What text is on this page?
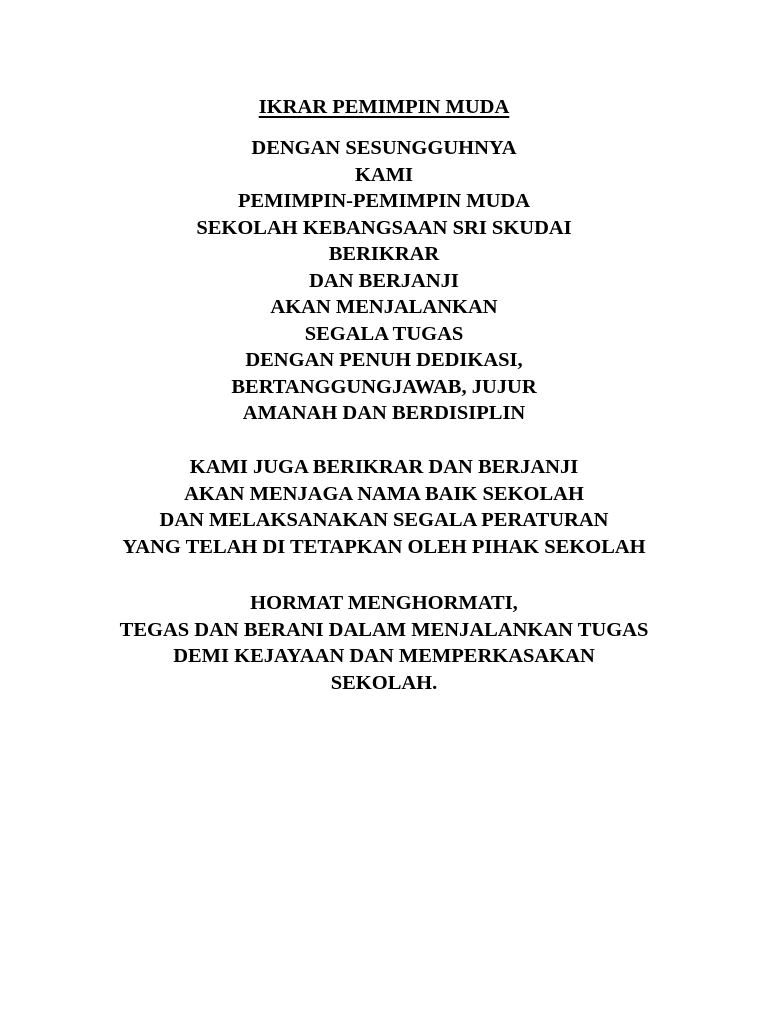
IKRAR PEMIMPIN MUDA
DENGAN SESUNGGUHNYA
KAMI
PEMIMPIN-PEMIMPIN MUDA
SEKOLAH KEBANGSAAN SRI SKUDAI
BERIKRAR
DAN BERJANJI
AKAN MENJALANKAN
SEGALA TUGAS
DENGAN PENUH DEDIKASI,
BERTANGGUNGJAWAB, JUJUR
AMANAH DAN BERDISIPLIN
KAMI JUGA BERIKRAR DAN BERJANJI
AKAN MENJAGA NAMA BAIK SEKOLAH
DAN MELAKSANAKAN SEGALA PERATURAN
YANG TELAH DI TETAPKAN OLEH PIHAK SEKOLAH
HORMAT MENGHORMATI,
TEGAS DAN BERANI DALAM MENJALANKAN TUGAS
DEMI KEJAYAAN DAN MEMPERKASAKAN
SEKOLAH.
